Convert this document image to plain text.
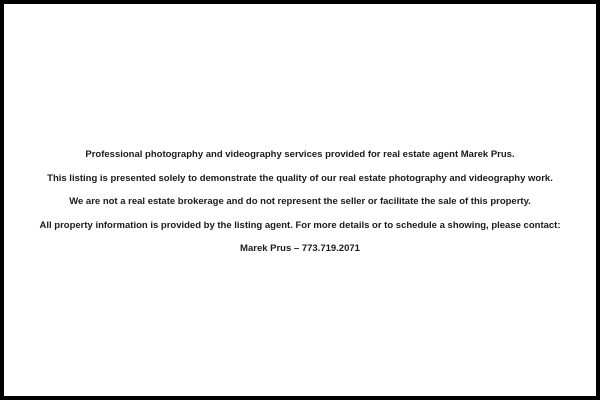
Professional photography and videography services provided for real estate agent Marek Prus.

This listing is presented solely to demonstrate the quality of our real estate photography and videography work.

We are not a real estate brokerage and do not represent the seller or facilitate the sale of this property.

All property information is provided by the listing agent. For more details or to schedule a showing, please contact:

Marek Prus – 773.719.2071
